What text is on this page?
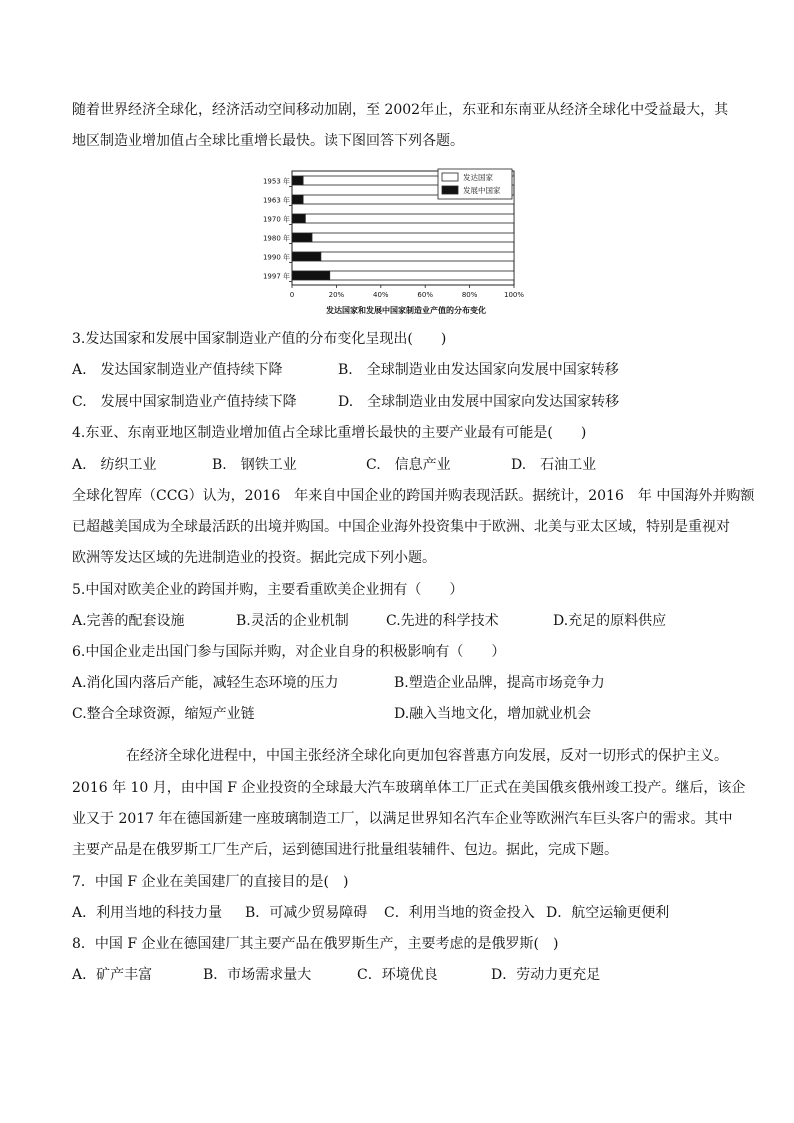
随着世界经济全球化，经济活动空间移动加剧，至 2002年止，东亚和东南亚从经济全球化中受益最大，其
地区制造业增加值占全球比重增长最快。读下图回答下列各题。
1953 年
1963 年
1970 年
1980 年
1990 年
1997 年
0	20%	40%	60%	80%	100%
发达国家
发展中国家
发达国家和发展中国家制造业产值的分布变化
3.发达国家和发展中国家制造业产值的分布变化呈现出(　　)
A.　发达国家制造业产值持续下降	B.　全球制造业由发达国家向发展中国家转移
C.　发展中国家制造业产值持续下降	D.　全球制造业由发展中国家向发达国家转移
4.东亚、东南亚地区制造业增加值占全球比重增长最快的主要产业最有可能是(　　)
A.　纺织工业	B.　钢铁工业	C.　信息产业	D.　石油工业
全球化智库（CCG）认为，2016　年来自中国企业的跨国并购表现活跃。据统计，2016　年 中国海外并购额
已超越美国成为全球最活跃的出境并购国。中国企业海外投资集中于欧洲、北美与亚太区域，特别是重视对
欧洲等发达区域的先进制造业的投资。据此完成下列小题。
5.中国对欧美企业的跨国并购，主要看重欧美企业拥有（　　）
A.完善的配套设施	B.灵活的企业机制	C.先进的科学技术	D.充足的原料供应
6.中国企业走出国门参与国际并购，对企业自身的积极影响有（　　）
A.消化国内落后产能，减轻生态环境的压力	B.塑造企业品牌，提高市场竞争力
C.整合全球资源，缩短产业链	D.融入当地文化，增加就业机会
在经济全球化进程中，中国主张经济全球化向更加包容普惠方向发展，反对一切形式的保护主义。
2016 年 10 月，由中国 F 企业投资的全球最大汽车玻璃单体工厂正式在美国俄亥俄州竣工投产。继后，该企
业又于 2017 年在德国新建一座玻璃制造工厂，以满足世界知名汽车企业等欧洲汽车巨头客户的需求。其中
主要产品是在俄罗斯工厂生产后，运到德国进行批量组装辅件、包边。据此，完成下题。
7．中国 F 企业在美国建厂的直接目的是(　)
A．利用当地的科技力量 B．可减少贸易障碍 C．利用当地的资金投入 D．航空运输更便利
8．中国 F 企业在德国建厂其主要产品在俄罗斯生产，主要考虑的是俄罗斯(　)
A．矿产丰富	B．市场需求量大	C．环境优良	D．劳动力更充足
